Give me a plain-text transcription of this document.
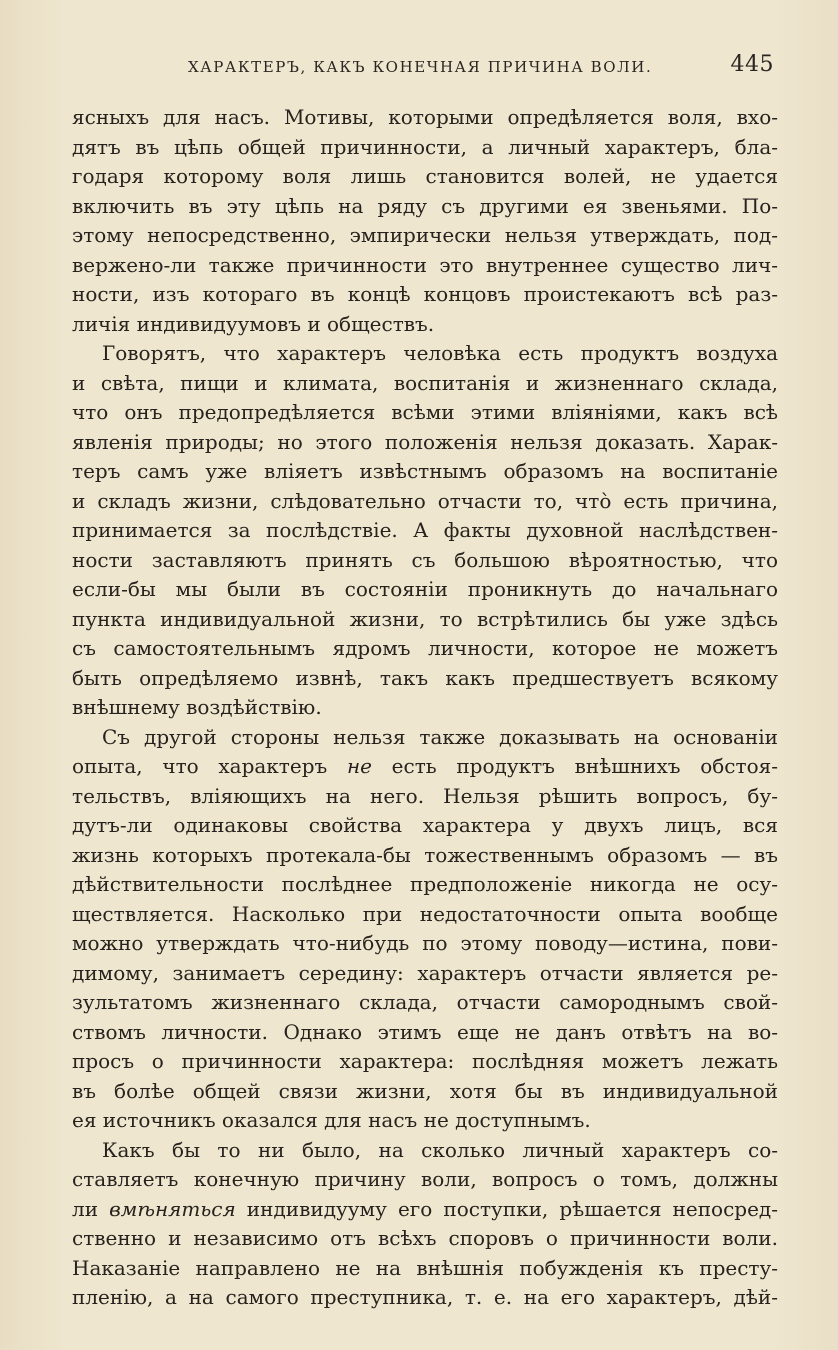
ХАРАКТЕРЪ, КАКЪ КОНЕЧНАЯ ПРИЧИНА ВОЛИ.	445
ясныхъ для насъ. Мотивы, которыми опредѣляется воля, вхо-
дятъ въ цѣпь общей причинности, а личный характеръ, бла-
годаря которому воля лишь становится волей, не удается
включить въ эту цѣпь на ряду съ другими ея звеньями. По-
этому непосредственно, эмпирически нельзя утверждать, под-
вержено-ли также причинности это внутреннее существо лич-
ности, изъ котораго въ концѣ концовъ проистекаютъ всѣ раз-
личія индивидуумовъ и обществъ.
Говорятъ, что характеръ человѣка есть продуктъ воздуха
и свѣта, пищи и климата, воспитанія и жизненнаго склада,
что онъ предопредѣляется всѣми этими вліяніями, какъ всѣ
явленія природы; но этого положенія нельзя доказать. Харак-
теръ самъ уже вліяетъ извѣстнымъ образомъ на воспитаніе
и складъ жизни, слѣдовательно отчасти то, что̀ есть причина,
принимается за послѣдствіе. А факты духовной наслѣдствен-
ности заставляютъ принять съ большою вѣроятностью, что
если-бы мы были въ состояніи проникнуть до начальнаго
пункта индивидуальной жизни, то встрѣтились бы уже здѣсь
съ самостоятельнымъ ядромъ личности, которое не можетъ
быть опредѣляемо извнѣ, такъ какъ предшествуетъ всякому
внѣшнему воздѣйствію.
Съ другой стороны нельзя также доказывать на основаніи
опыта, что характеръ не есть продуктъ внѣшнихъ обстоя-
тельствъ, вліяющихъ на него. Нельзя рѣшить вопросъ, бу-
дутъ-ли одинаковы свойства характера у двухъ лицъ, вся
жизнь которыхъ протекала-бы тожественнымъ образомъ — въ
дѣйствительности послѣднее предположеніе никогда не осу-
ществляется. Насколько при недостаточности опыта вообще
можно утверждать что-нибудь по этому поводу—истина, пови-
димому, занимаетъ середину: характеръ отчасти является ре-
зультатомъ жизненнаго склада, отчасти самороднымъ свой-
ствомъ личности. Однако этимъ еще не данъ отвѣтъ на во-
просъ о причинности характера: послѣдняя можетъ лежать
въ болѣе общей связи жизни, хотя бы въ индивидуальной
ея источникъ оказался для насъ не доступнымъ.
Какъ бы то ни было, на сколько личный характеръ со-
ставляетъ конечную причину воли, вопросъ о томъ, должны
ли вмѣняться индивидууму его поступки, рѣшается непосред-
ственно и независимо отъ всѣхъ споровъ о причинности воли.
Наказаніе направлено не на внѣшнія побужденія къ престу-
пленію, а на самого преступника, т. е. на его характеръ, дѣй-
